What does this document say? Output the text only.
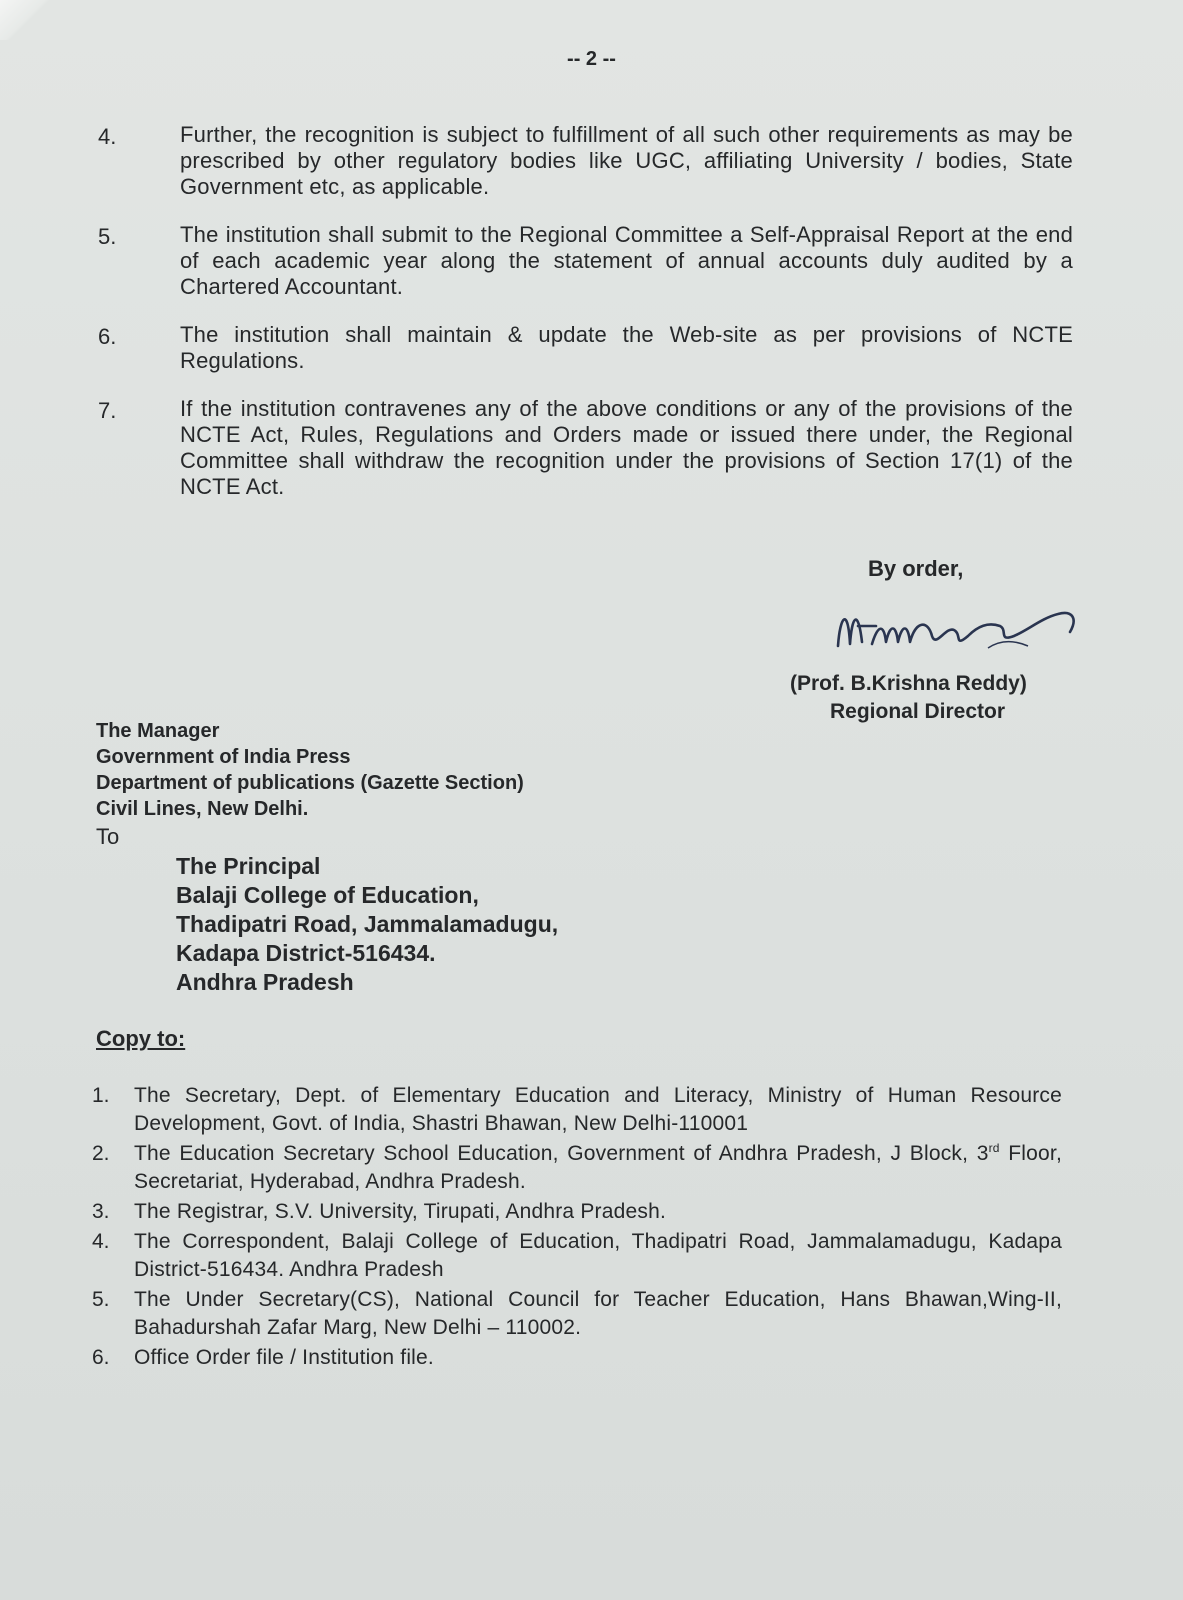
-- 2 --
4.	Further, the recognition is subject to fulfillment of all such other requirements as may be prescribed by other regulatory bodies like UGC, affiliating University / bodies, State Government etc, as applicable.
5.	The institution shall submit to the Regional Committee a Self-Appraisal Report at the end of each academic year along the statement of annual accounts duly audited by a Chartered Accountant.
6.	The institution shall maintain & update the Web-site as per provisions of NCTE Regulations.
7.	If the institution contravenes any of the above conditions or any of the provisions of the NCTE Act, Rules, Regulations and Orders made or issued there under, the Regional Committee shall withdraw the recognition under the provisions of Section 17(1) of the NCTE Act.
By order,
(Prof. B.Krishna Reddy)
Regional Director
The Manager
Government of India Press
Department of publications (Gazette Section)
Civil Lines, New Delhi.
To
The Principal
Balaji College of Education,
Thadipatri Road, Jammalamadugu,
Kadapa District-516434.
Andhra Pradesh
Copy to:
1.	The Secretary, Dept. of Elementary Education and Literacy, Ministry of Human Resource Development, Govt. of India, Shastri Bhawan, New Delhi-110001
2.	The Education Secretary School Education, Government of Andhra Pradesh, J Block, 3rd Floor, Secretariat, Hyderabad, Andhra Pradesh.
3.	The Registrar, S.V. University, Tirupati, Andhra Pradesh.
4.	The Correspondent, Balaji College of Education, Thadipatri Road, Jammalamadugu, Kadapa District-516434. Andhra Pradesh
5.	The Under Secretary(CS), National Council for Teacher Education, Hans Bhawan,Wing-II, Bahadurshah Zafar Marg, New Delhi – 110002.
6.	Office Order file / Institution file.
